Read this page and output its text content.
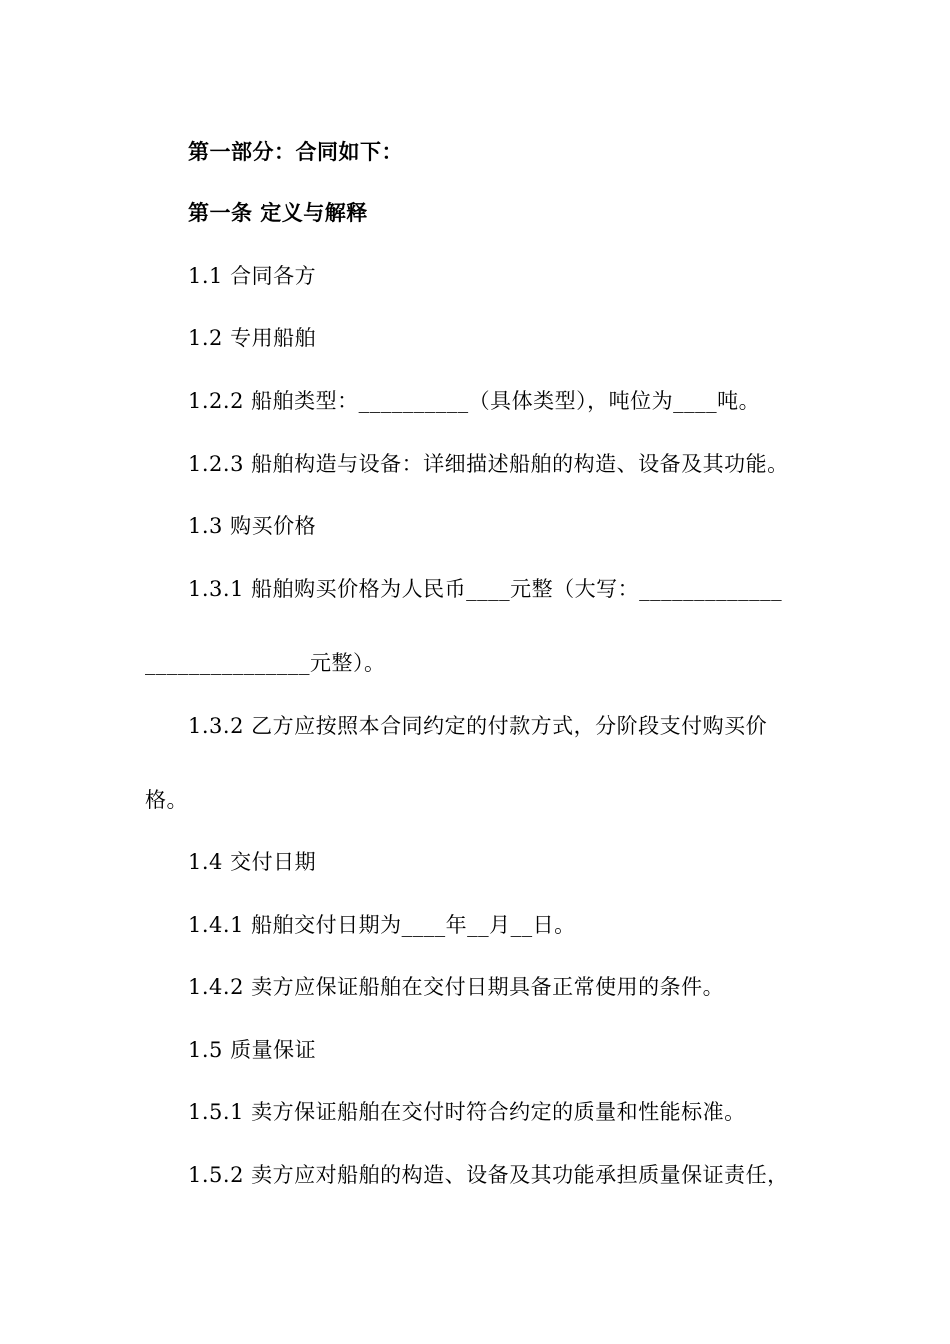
第一部分：合同如下：
第一条 定义与解释
1.1 合同各方
1.2 专用船舶
1.2.2 船舶类型：__________（具体类型），吨位为____吨。
1.2.3 船舶构造与设备：详细描述船舶的构造、设备及其功能。
1.3 购买价格
1.3.1 船舶购买价格为人民币____元整（大写：_____________
_______________元整）。
1.3.2 乙方应按照本合同约定的付款方式，分阶段支付购买价
格。
1.4 交付日期
1.4.1 船舶交付日期为____年__月__日。
1.4.2 卖方应保证船舶在交付日期具备正常使用的条件。
1.5 质量保证
1.5.1 卖方保证船舶在交付时符合约定的质量和性能标准。
1.5.2 卖方应对船舶的构造、设备及其功能承担质量保证责任，
